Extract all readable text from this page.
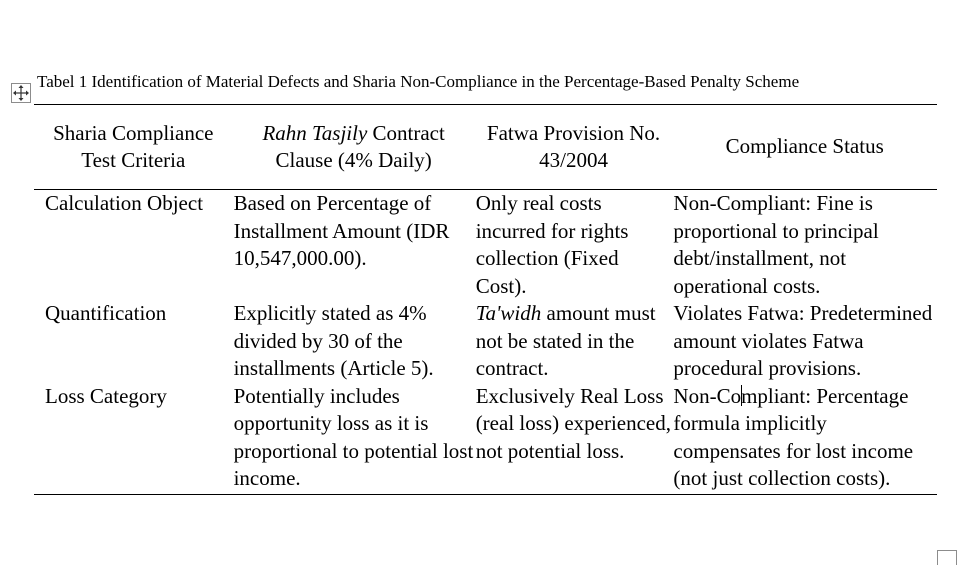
Tabel 1 Identification of Material Defects and Sharia Non-Compliance in the Percentage-Based Penalty Scheme
Sharia Compliance Test Criteria	Rahn Tasjily Contract Clause (4% Daily)	Fatwa Provision No. 43/2004	Compliance Status
Calculation Object	Based on Percentage of Installment Amount (IDR 10,547,000.00).	Only real costs incurred for rights collection (Fixed Cost).	Non-Compliant: Fine is proportional to principal debt/installment, not operational costs.
Quantification	Explicitly stated as 4% divided by 30 of the installments (Article 5).	Ta'widh amount must not be stated in the contract.	Violates Fatwa: Predetermined amount violates Fatwa procedural provisions.
Loss Category	Potentially includes opportunity loss as it is proportional to potential lost income.	Exclusively Real Loss (real loss) experienced, not potential loss.	Non-Compliant: Percentage formula implicitly compensates for lost income (not just collection costs).
